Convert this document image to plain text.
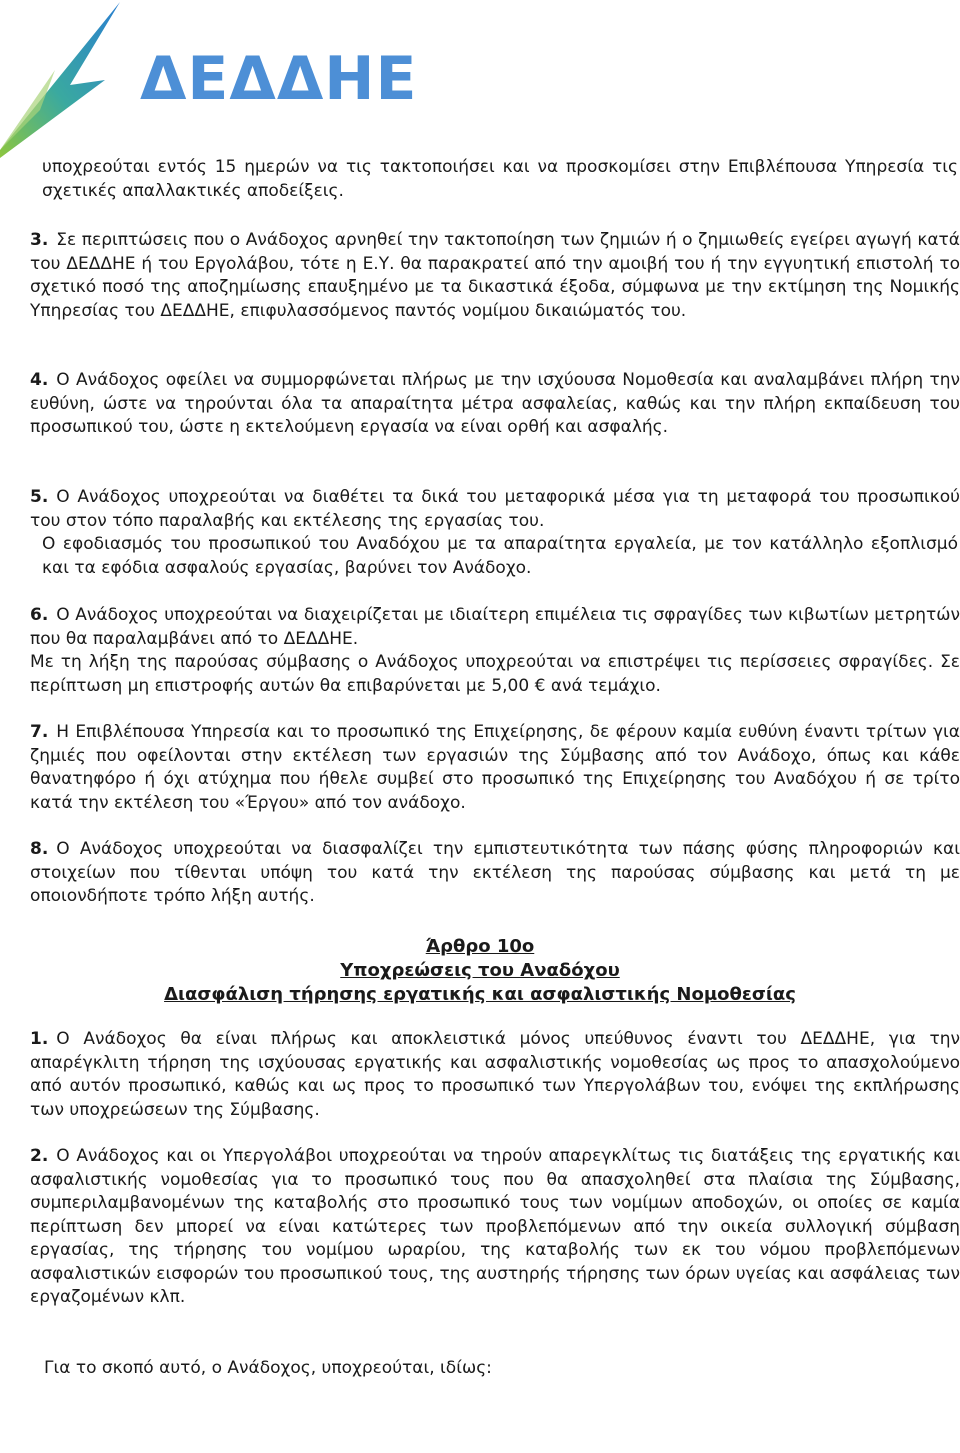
ΔΕΔΔΗΕ

υποχρεούται εντός 15 ημερών να τις τακτοποιήσει και να προσκομίσει στην Επιβλέπουσα Υπηρεσία τις σχετικές απαλλακτικές αποδείξεις.

3. Σε περιπτώσεις που ο Ανάδοχος αρνηθεί την τακτοποίηση των ζημιών ή ο ζημιωθείς εγείρει αγωγή κατά του ΔΕΔΔΗΕ ή του Εργολάβου, τότε η Ε.Υ. θα παρακρατεί από την αμοιβή του ή την εγγυητική επιστολή το σχετικό ποσό της αποζημίωσης επαυξημένο με τα δικαστικά έξοδα, σύμφωνα με την εκτίμηση της Νομικής Υπηρεσίας του ΔΕΔΔΗΕ, επιφυλασσόμενος παντός νομίμου δικαιώματός του.

4. Ο Ανάδοχος οφείλει να συμμορφώνεται πλήρως με την ισχύουσα Νομοθεσία και αναλαμβάνει πλήρη την ευθύνη, ώστε να τηρούνται όλα τα απαραίτητα μέτρα ασφαλείας, καθώς και την πλήρη εκπαίδευση του προσωπικού του, ώστε η εκτελούμενη εργασία να είναι ορθή και ασφαλής.

5. Ο Ανάδοχος υποχρεούται να διαθέτει τα δικά του μεταφορικά μέσα για τη μεταφορά του προσωπικού του στον τόπο παραλαβής και εκτέλεσης της εργασίας του.

Ο εφοδιασμός του προσωπικού του Αναδόχου με τα απαραίτητα εργαλεία, με τον κατάλληλο εξοπλισμό και τα εφόδια ασφαλούς εργασίας, βαρύνει τον Ανάδοχο.

6. Ο Ανάδοχος υποχρεούται να διαχειρίζεται με ιδιαίτερη επιμέλεια τις σφραγίδες των κιβωτίων μετρητών που θα παραλαμβάνει από το ΔΕΔΔΗΕ.

Με τη λήξη της παρούσας σύμβασης ο Ανάδοχος υποχρεούται να επιστρέψει τις περίσσειες σφραγίδες. Σε περίπτωση μη επιστροφής αυτών θα επιβαρύνεται με 5,00 € ανά τεμάχιο.

7. Η Επιβλέπουσα Υπηρεσία και το προσωπικό της Επιχείρησης, δε φέρουν καμία ευθύνη έναντι τρίτων για ζημιές που οφείλονται στην εκτέλεση των εργασιών της Σύμβασης από τον Ανάδοχο, όπως και κάθε θανατηφόρο ή όχι ατύχημα που ήθελε συμβεί στο προσωπικό της Επιχείρησης του Αναδόχου ή σε τρίτο κατά την εκτέλεση του «Έργου» από τον ανάδοχο.

8. Ο Ανάδοχος υποχρεούται να διασφαλίζει την εμπιστευτικότητα των πάσης φύσης πληροφοριών και στοιχείων που τίθενται υπόψη του κατά την εκτέλεση της παρούσας σύμβασης και μετά τη με οποιονδήποτε τρόπο λήξη αυτής.

Άρθρο 10ο
Υποχρεώσεις του Αναδόχου
Διασφάλιση τήρησης εργατικής και ασφαλιστικής Νομοθεσίας

1. Ο Ανάδοχος θα είναι πλήρως και αποκλειστικά μόνος υπεύθυνος έναντι του ΔΕΔΔΗΕ, για την απαρέγκλιτη τήρηση της ισχύουσας εργατικής και ασφαλιστικής νομοθεσίας ως προς το απασχολούμενο από αυτόν προσωπικό, καθώς και ως προς το προσωπικό των Υπεργολάβων του, ενόψει της εκπλήρωσης των υποχρεώσεων της Σύμβασης.

2. Ο Ανάδοχος και οι Υπεργολάβοι υποχρεούται να τηρούν απαρεγκλίτως τις διατάξεις της εργατικής και ασφαλιστικής νομοθεσίας για το προσωπικό τους που θα απασχοληθεί στα πλαίσια της Σύμβασης, συμπεριλαμβανομένων της καταβολής στο προσωπικό τους των νομίμων αποδοχών, οι οποίες σε καμία περίπτωση δεν μπορεί να είναι κατώτερες των προβλεπόμενων από την οικεία συλλογική σύμβαση εργασίας, της τήρησης του νομίμου ωραρίου, της καταβολής των εκ του νόμου προβλεπόμενων ασφαλιστικών εισφορών του προσωπικού τους, της αυστηρής τήρησης των όρων υγείας και ασφάλειας των εργαζομένων κλπ.

Για το σκοπό αυτό, ο Ανάδοχος, υποχρεούται, ιδίως:
